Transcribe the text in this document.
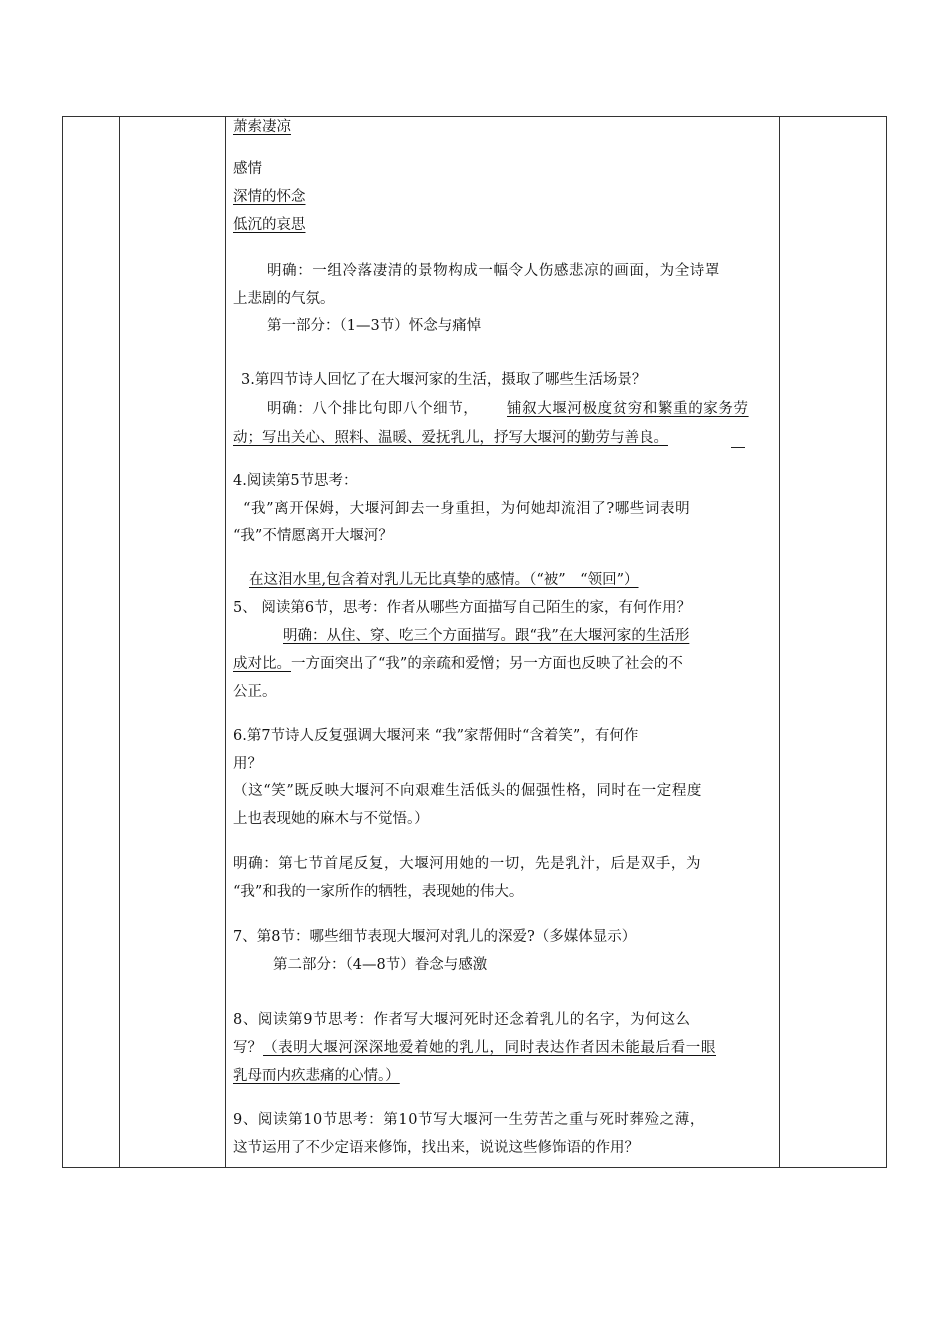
萧索凄凉
感情
深情的怀念
低沉的哀思
明确：一组冷落凄清的景物构成一幅令人伤感悲凉的画面，为全诗罩
上悲剧的气氛。
第一部分：（1—3节）怀念与痛悼
3.第四节诗人回忆了在大堰河家的生活，摄取了哪些生活场景？
明确：八个排比句即八个细节， 铺叙大堰河极度贫穷和繁重的家务劳
动；写出关心、照料、温暖、爱抚乳儿，抒写大堰河的勤劳与善良。
4.阅读第5节思考：
“我”离开保姆，大堰河卸去一身重担，为何她却流泪了?哪些词表明
“我”不情愿离开大堰河？
在这泪水里,包含着对乳儿无比真挚的感情。（“被”　“领回”）
5、 阅读第6节，思考：作者从哪些方面描写自己陌生的家，有何作用？
明确：从住、穿、吃三个方面描写。跟“我”在大堰河家的生活形
成对比。 一方面突出了“我”的亲疏和爱憎；另一方面也反映了社会的不
公正。
6.第7节诗人反复强调大堰河来 “我”家帮佣时“含着笑”，有何作
用？
（这“笑”既反映大堰河不向艰难生活低头的倔强性格，同时在一定程度
上也表现她的麻木与不觉悟。）
明确：第七节首尾反复，大堰河用她的一切，先是乳汁，后是双手，为
“我”和我的一家所作的牺牲，表现她的伟大。
7、第8节：哪些细节表现大堰河对乳儿的深爱?（多媒体显示）
第二部分：（4—8节）眷念与感激
8、阅读第9节思考：作者写大堰河死时还念着乳儿的名字，为何这么
写？ （表明大堰河深深地爱着她的乳儿，同时表达作者因未能最后看一眼
乳母而内疚悲痛的心情。）
9、阅读第10节思考：第10节写大堰河一生劳苦之重与死时葬殓之薄，
这节运用了不少定语来修饰，找出来，说说这些修饰语的作用？
